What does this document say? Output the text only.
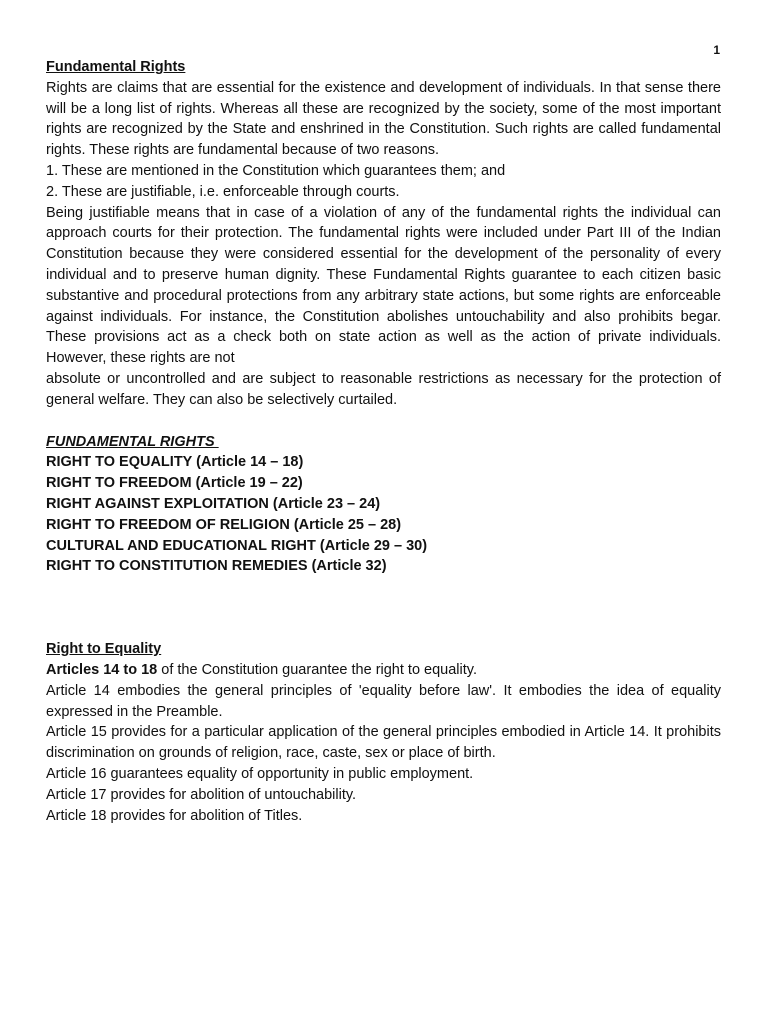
1

Fundamental Rights

Rights are claims that are essential for the existence and development of individuals. In that sense there will be a long list of rights. Whereas all these are recognized by the society, some of the most important rights are recognized by the State and enshrined in the Constitution. Such rights are called fundamental rights. These rights are fundamental because of two reasons.

1. These are mentioned in the Constitution which guarantees them; and

2. These are justifiable, i.e. enforceable through courts.

Being justifiable means that in case of a violation of any of the fundamental rights the individual can approach courts for their protection. The fundamental rights were included under Part III of the Indian Constitution because they were considered essential for the development of the personality of every individual and to preserve human dignity. These Fundamental Rights guarantee to each citizen basic substantive and procedural protections from any arbitrary state actions, but some rights are enforceable against individuals. For instance, the Constitution abolishes untouchability and also prohibits begar. These provisions act as a check both on state action as well as the action of private individuals. However, these rights are not

absolute or uncontrolled and are subject to reasonable restrictions as necessary for the protection of general welfare. They can also be selectively curtailed.

FUNDAMENTAL RIGHTS

RIGHT TO EQUALITY (Article 14 – 18)

RIGHT TO FREEDOM (Article 19 – 22)

RIGHT AGAINST EXPLOITATION (Article 23 – 24)

RIGHT TO FREEDOM OF RELIGION (Article 25 – 28)

CULTURAL AND EDUCATIONAL RIGHT (Article 29 – 30)

RIGHT TO CONSTITUTION REMEDIES (Article 32)

Right to Equality

Articles 14 to 18 of the Constitution guarantee the right to equality.

Article 14 embodies the general principles of 'equality before law'. It embodies the idea of equality expressed in the Preamble.

Article 15 provides for a particular application of the general principles embodied in Article 14. It prohibits discrimination on grounds of religion, race, caste, sex or place of birth.

Article 16 guarantees equality of opportunity in public employment.

Article 17 provides for abolition of untouchability.

Article 18 provides for abolition of Titles.
